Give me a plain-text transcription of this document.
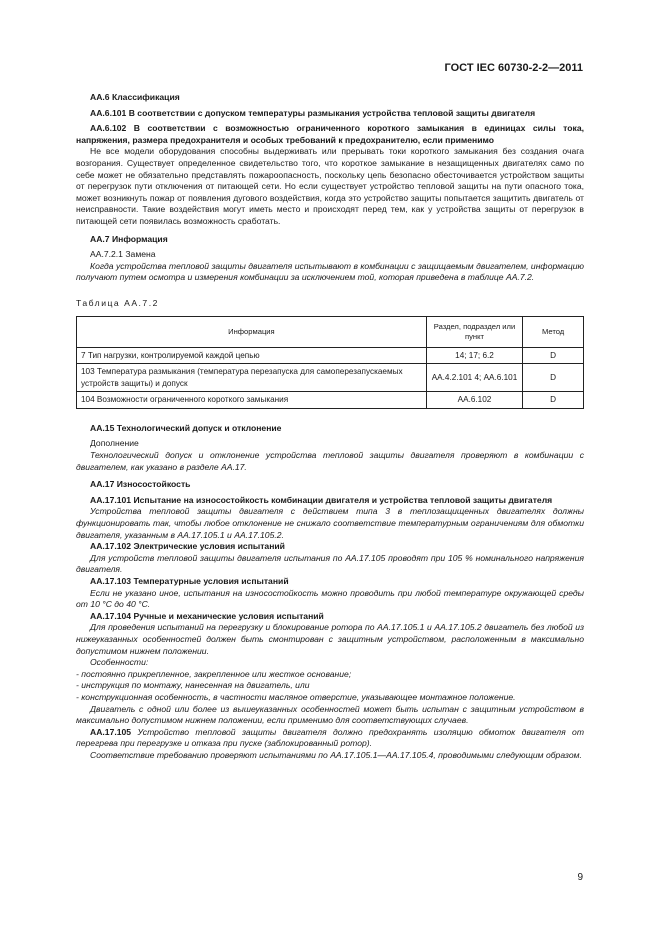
ГОСТ IEC 60730-2-2—2011

АА.6 Классификация

АА.6.101 В соответствии с допуском температуры размыкания устройства тепловой защиты двигателя

АА.6.102 В соответствии с возможностью ограниченного короткого замыкания в единицах силы тока, напряжения, размера предохранителя и особых требований к предохранителю, если применимо

Не все модели оборудования способны выдерживать или прерывать токи короткого замыкания без создания очага возгорания. Существует определенное свидетельство того, что короткое замыкание в незащищенных двигателях само по себе может не обязательно представлять пожароопасность, поскольку цепь безопасно обесточивается устройством защиты от перегрузок пути отключения от питающей сети. Но если существует устройство тепловой защиты на пути опасного тока, может возникнуть пожар от появления дугового воздействия, когда это устройство защиты попытается защитить двигатель от неисправности. Такие воздействия могут иметь место и происходят перед тем, как у устройства защиты от перегрузок в питающей сети появилась возможность сработать.

АА.7 Информация

АА.7.2.1 Замена

Когда устройства тепловой защиты двигателя испытывают в комбинации с защищаемым двигателем, информацию получают путем осмотра и измерения комбинации за исключением той, которая приведена в таблице АА.7.2.

Таблица АА.7.2

Информация	Раздел, подраздел или пункт	Метод
7 Тип нагрузки, контролируемой каждой цепью	14; 17; 6.2	D
103 Температура размыкания (температура перезапуска для самоперезапускаемых устройств защиты) и допуск	АА.4.2.101 4; АА.6.101	D
104 Возможности ограниченного короткого замыкания	АА.6.102	D

АА.15 Технологический допуск и отклонение

Дополнение

Технологический допуск и отклонение устройства тепловой защиты двигателя проверяют в комбинации с двигателем, как указано в разделе АА.17.

АА.17 Износостойкость

АА.17.101 Испытание на износостойкость комбинации двигателя и устройства тепловой защиты двигателя

Устройства тепловой защиты двигателя с действием типа 3 в теплозащищенных двигателях должны функционировать так, чтобы любое отклонение не снижало соответствие температурным ограничениям для обмотки двигателя, указанным в АА.17.105.1 и АА.17.105.2.

АА.17.102 Электрические условия испытаний

Для устройств тепловой защиты двигателя испытания по АА.17.105 проводят при 105 % номинального напряжения двигателя.

АА.17.103 Температурные условия испытаний

Если не указано иное, испытания на износостойкость можно проводить при любой температуре окружающей среды от 10 °С до 40 °С.

АА.17.104 Ручные и механические условия испытаний

Для проведения испытаний на перегрузку и блокирование ротора по АА.17.105.1 и АА.17.105.2 двигатель без любой из нижеуказанных особенностей должен быть смонтирован с защитным устройством, расположенным в максимально допустимом нижнем положении.

Особенности:

- постоянно прикрепленное, закрепленное или жесткое основание;

- инструкция по монтажу, нанесенная на двигатель, или

- конструкционная особенность, в частности масляное отверстие, указывающее монтажное положение.

Двигатель с одной или более из вышеуказанных особенностей может быть испытан с защитным устройством в максимально допустимом нижнем положении, если применимо для соответствующих случаев.

АА.17.105 Устройство тепловой защиты двигателя должно предохранять изоляцию обмоток двигателя от перегрева при перегрузке и отказа при пуске (заблокированный ротор).

Соответствие требованию проверяют испытаниями по АА.17.105.1—АА.17.105.4, проводимыми следующим образом.

9
